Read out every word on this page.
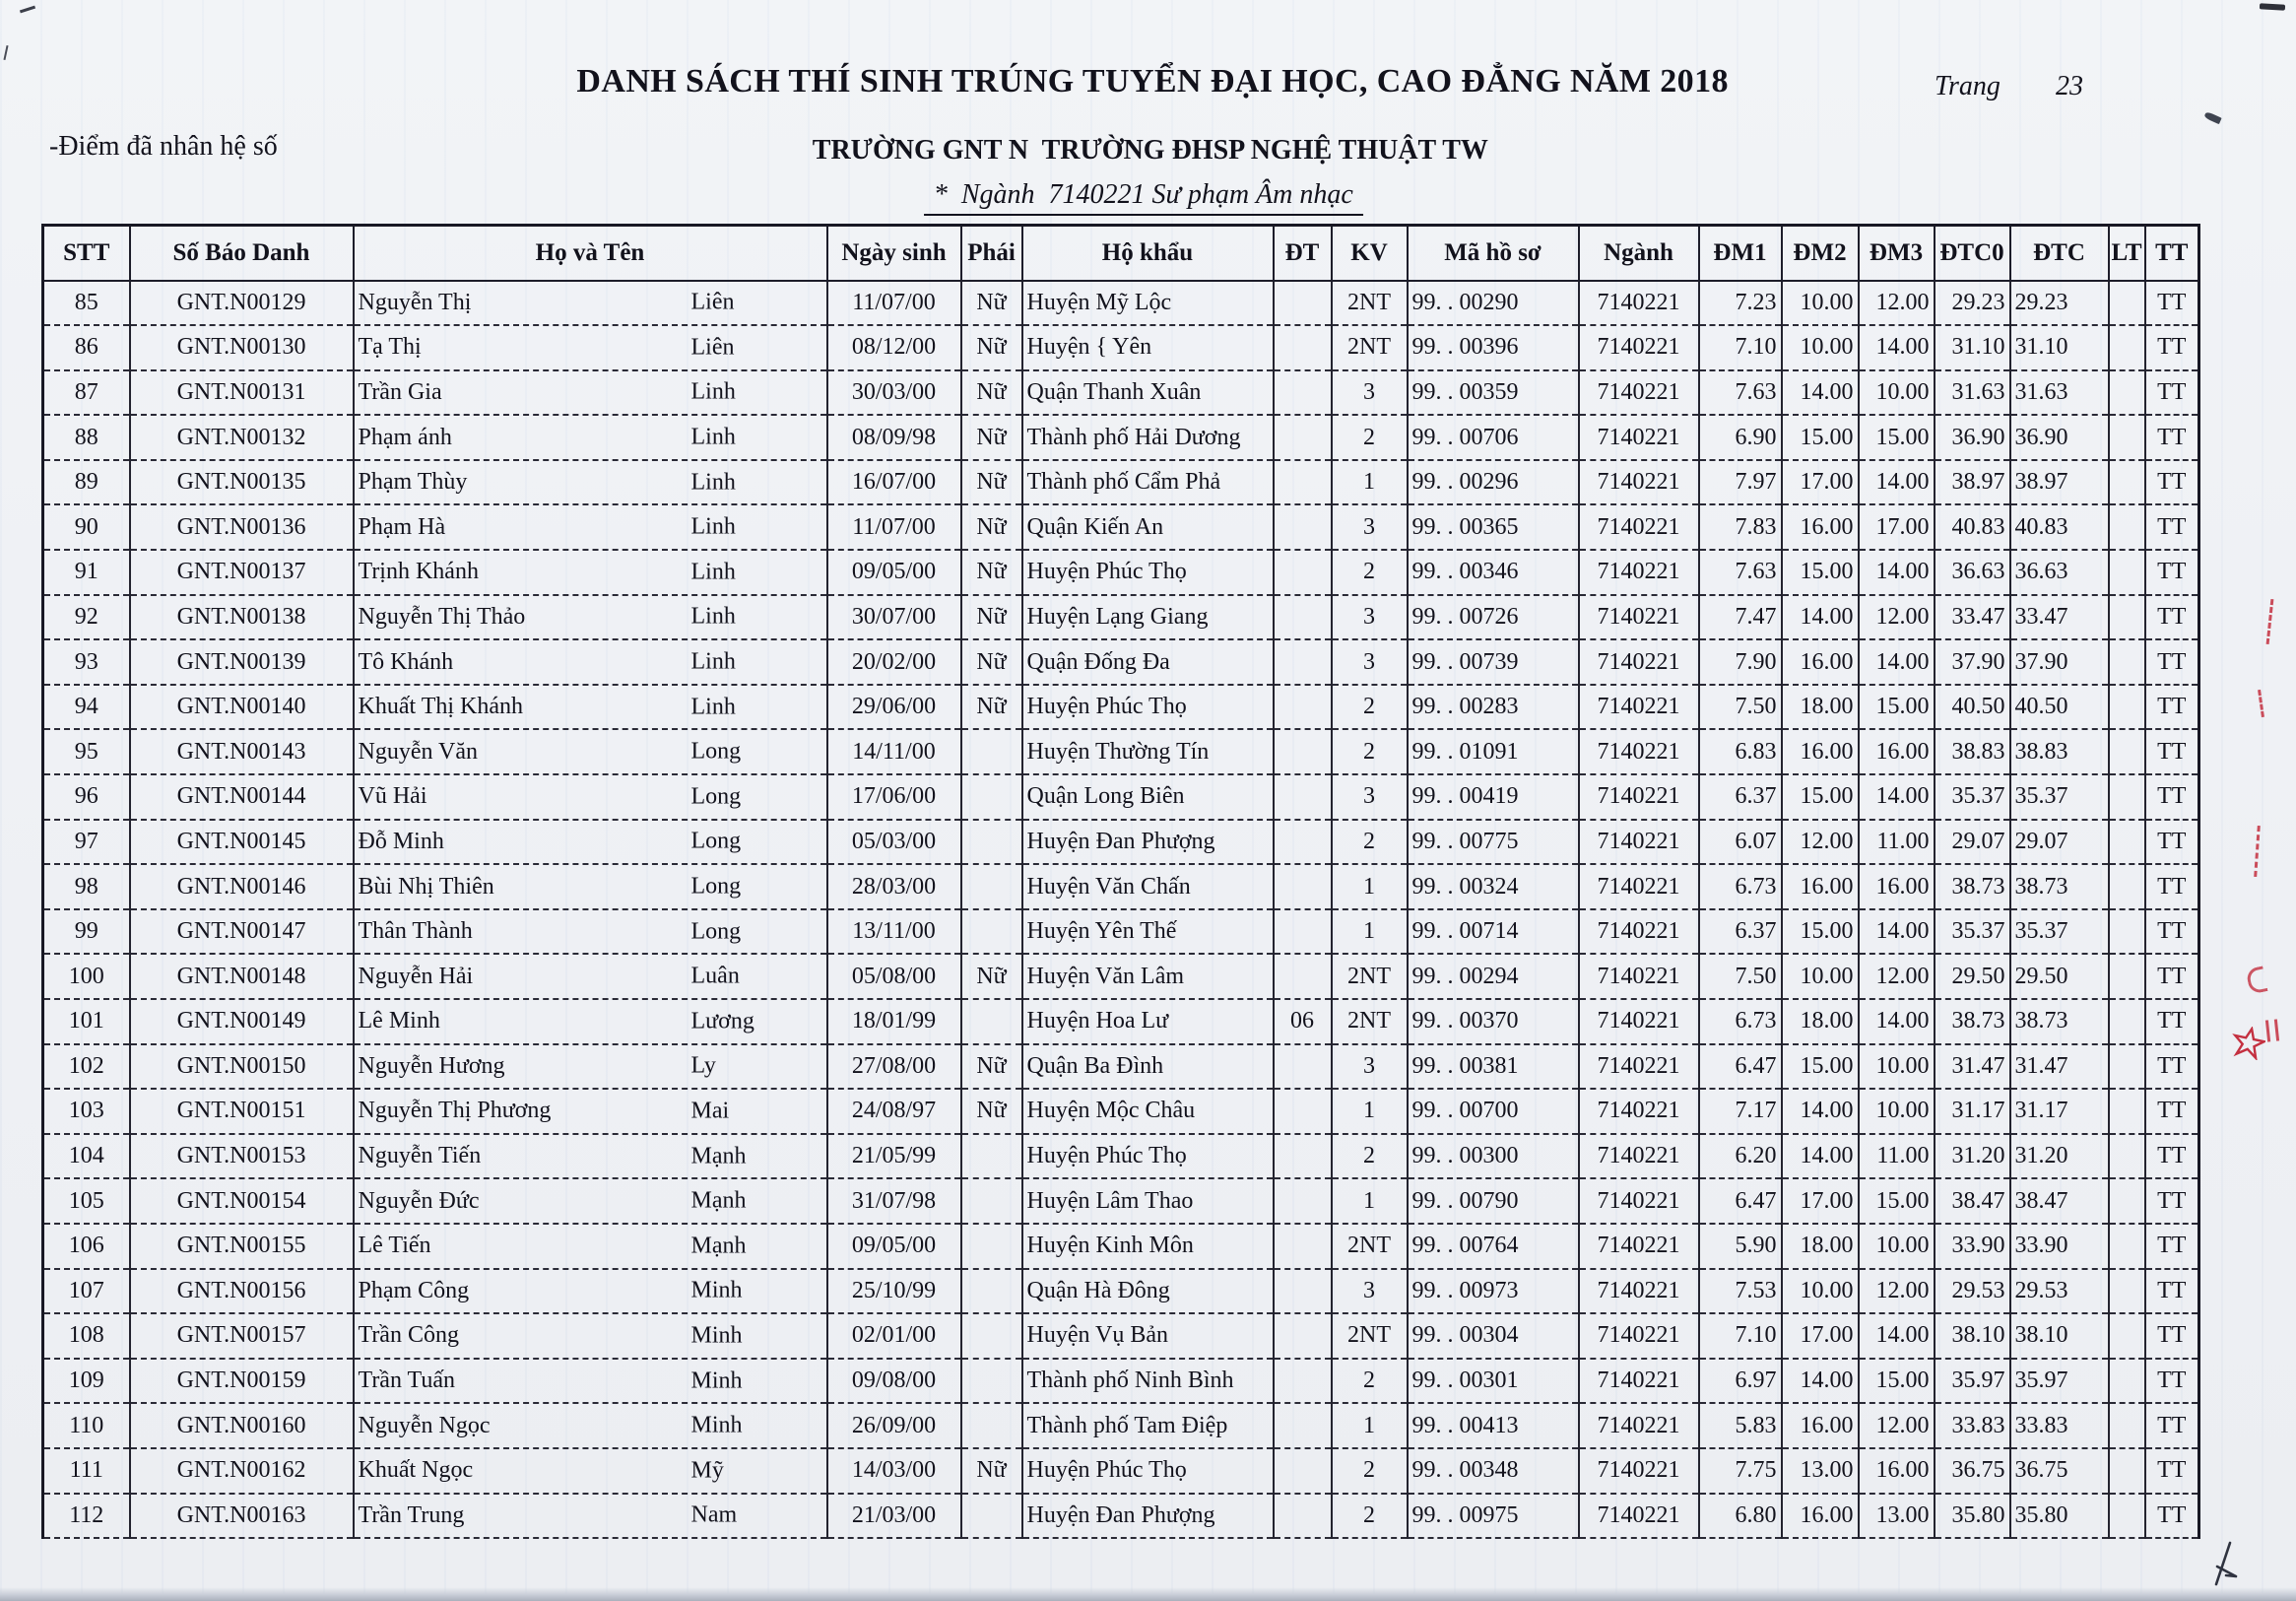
DANH SÁCH THÍ SINH TRÚNG TUYỂN ĐẠI HỌC, CAO ĐẲNG NĂM 2018	Trang 23
-Điểm đã nhân hệ số	TRƯỜNG GNT N  TRƯỜNG ĐHSP NGHỆ THUẬT TW
*  Ngành  7140221 Sư phạm Âm nhạc
STT	Số Báo Danh	Họ và Tên	Ngày sinh	Phái	Hộ khẩu	ĐT	KV	Mã hồ sơ	Ngành	ĐM1	ĐM2	ĐM3	ĐTC0	ĐTC	LT	TT
85	GNT.N00129	Nguyễn Thị Liên	11/07/00	Nữ	Huyện Mỹ Lộc		2NT	99. . 00290	7140221	7.23	10.00	12.00	29.23	29.23		TT
86	GNT.N00130	Tạ Thị Liên	08/12/00	Nữ	Huyện { Yên		2NT	99. . 00396	7140221	7.10	10.00	14.00	31.10	31.10		TT
87	GNT.N00131	Trần Gia Linh	30/03/00	Nữ	Quận Thanh Xuân		3	99. . 00359	7140221	7.63	14.00	10.00	31.63	31.63		TT
88	GNT.N00132	Phạm ánh Linh	08/09/98	Nữ	Thành phố Hải Dương		2	99. . 00706	7140221	6.90	15.00	15.00	36.90	36.90		TT
89	GNT.N00135	Phạm Thùy Linh	16/07/00	Nữ	Thành phố Cẩm Phả		1	99. . 00296	7140221	7.97	17.00	14.00	38.97	38.97		TT
90	GNT.N00136	Phạm Hà Linh	11/07/00	Nữ	Quận Kiến An		3	99. . 00365	7140221	7.83	16.00	17.00	40.83	40.83		TT
91	GNT.N00137	Trịnh Khánh Linh	09/05/00	Nữ	Huyện Phúc Thọ		2	99. . 00346	7140221	7.63	15.00	14.00	36.63	36.63		TT
92	GNT.N00138	Nguyễn Thị Thảo Linh	30/07/00	Nữ	Huyện Lạng Giang		3	99. . 00726	7140221	7.47	14.00	12.00	33.47	33.47		TT
93	GNT.N00139	Tô Khánh Linh	20/02/00	Nữ	Quận Đống Đa		3	99. . 00739	7140221	7.90	16.00	14.00	37.90	37.90		TT
94	GNT.N00140	Khuất Thị Khánh Linh	29/06/00	Nữ	Huyện Phúc Thọ		2	99. . 00283	7140221	7.50	18.00	15.00	40.50	40.50		TT
95	GNT.N00143	Nguyễn Văn Long	14/11/00		Huyện Thường Tín		2	99. . 01091	7140221	6.83	16.00	16.00	38.83	38.83		TT
96	GNT.N00144	Vũ Hải Long	17/06/00		Quận Long Biên		3	99. . 00419	7140221	6.37	15.00	14.00	35.37	35.37		TT
97	GNT.N00145	Đỗ Minh Long	05/03/00		Huyện Đan Phượng		2	99. . 00775	7140221	6.07	12.00	11.00	29.07	29.07		TT
98	GNT.N00146	Bùi Nhị Thiên Long	28/03/00		Huyện Văn Chấn		1	99. . 00324	7140221	6.73	16.00	16.00	38.73	38.73		TT
99	GNT.N00147	Thân Thành Long	13/11/00		Huyện Yên Thế		1	99. . 00714	7140221	6.37	15.00	14.00	35.37	35.37		TT
100	GNT.N00148	Nguyễn Hải Luân	05/08/00	Nữ	Huyện Văn Lâm		2NT	99. . 00294	7140221	7.50	10.00	12.00	29.50	29.50		TT
101	GNT.N00149	Lê Minh Lương	18/01/99		Huyện Hoa Lư	06	2NT	99. . 00370	7140221	6.73	18.00	14.00	38.73	38.73		TT
102	GNT.N00150	Nguyễn Hương Ly	27/08/00	Nữ	Quận Ba Đình		3	99. . 00381	7140221	6.47	15.00	10.00	31.47	31.47		TT
103	GNT.N00151	Nguyễn Thị Phương Mai	24/08/97	Nữ	Huyện Mộc Châu		1	99. . 00700	7140221	7.17	14.00	10.00	31.17	31.17		TT
104	GNT.N00153	Nguyễn Tiến Mạnh	21/05/99		Huyện Phúc Thọ		2	99. . 00300	7140221	6.20	14.00	11.00	31.20	31.20		TT
105	GNT.N00154	Nguyễn Đức Mạnh	31/07/98		Huyện Lâm Thao		1	99. . 00790	7140221	6.47	17.00	15.00	38.47	38.47		TT
106	GNT.N00155	Lê Tiến Mạnh	09/05/00		Huyện Kinh Môn		2NT	99. . 00764	7140221	5.90	18.00	10.00	33.90	33.90		TT
107	GNT.N00156	Phạm Công Minh	25/10/99		Quận Hà Đông		3	99. . 00973	7140221	7.53	10.00	12.00	29.53	29.53		TT
108	GNT.N00157	Trần Công Minh	02/01/00		Huyện Vụ Bản		2NT	99. . 00304	7140221	7.10	17.00	14.00	38.10	38.10		TT
109	GNT.N00159	Trần Tuấn Minh	09/08/00		Thành phố Ninh Bình		2	99. . 00301	7140221	6.97	14.00	15.00	35.97	35.97		TT
110	GNT.N00160	Nguyễn Ngọc Minh	26/09/00		Thành phố Tam Điệp		1	99. . 00413	7140221	5.83	16.00	12.00	33.83	33.83		TT
111	GNT.N00162	Khuất Ngọc Mỹ	14/03/00	Nữ	Huyện Phúc Thọ		2	99. . 00348	7140221	7.75	13.00	16.00	36.75	36.75		TT
112	GNT.N00163	Trần Trung Nam	21/03/00		Huyện Đan Phượng		2	99. . 00975	7140221	6.80	16.00	13.00	35.80	35.80		TT
